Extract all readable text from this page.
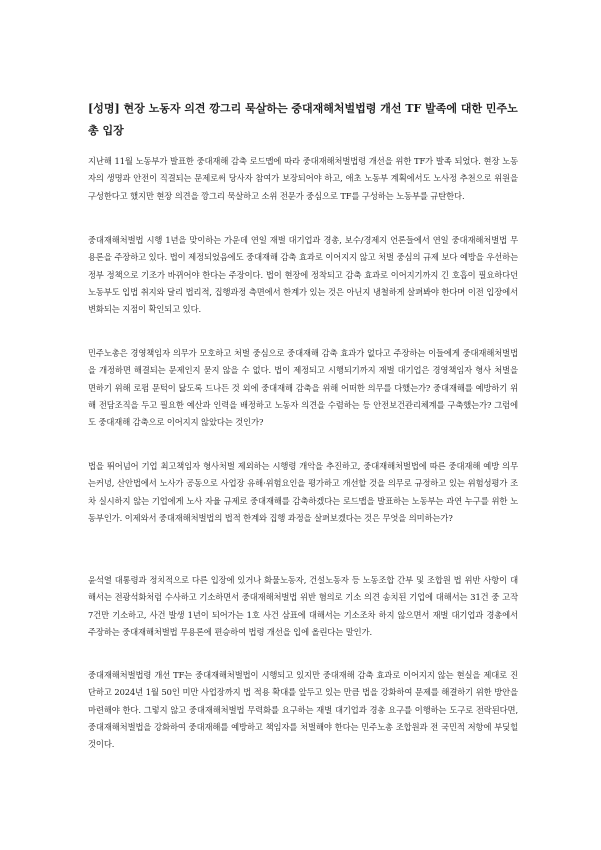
[성명] 현장 노동자 의견 깡그리 묵살하는 중대재해처벌법령 개선 TF 발족에 대한 민주노총 입장

지난해 11월 노동부가 발표한 중대재해 감축 로드맵에 따라 중대재해처벌법령 개선을 위한 TF가 발족 되었다. 현장 노동자의 생명과 안전이 직결되는 문제로써 당사자 참여가 보장되어야 하고, 애초 노동부 계획에서도 노사정 추천으로 위원을 구성한다고 했지만 현장 의견을 깡그리 묵살하고 소위 전문가 중심으로 TF를 구성하는 노동부를 규탄한다.

중대재해처벌법 시행 1년을 맞이하는 가운데 연일 재벌 대기업과 경총, 보수/경제지 언론들에서 연일 중대재해처벌법 무용론을 주장하고 있다. 법이 제정되었음에도 중대재해 감축 효과로 이어지지 않고 처벌 중심의 규제 보다 예방을 우선하는 정부 정책으로 기조가 바뀌어야 한다는 주장이다. 법이 현장에 정착되고 감축 효과로 이어지기까지 긴 호흡이 필요하다던 노동부도 입법 취지와 달리 법리적, 집행과정 측면에서 한계가 있는 것은 아닌지 냉철하게 살펴봐야 한다며 이전 입장에서 변화되는 지점이 확인되고 있다.

민주노총은 경영책임자 의무가 모호하고 처벌 중심으로 중대재해 감축 효과가 없다고 주장하는 이들에게 중대재해처벌법을 개정하면 해결되는 문제인지 묻지 않을 수 없다. 법이 제정되고 시행되기까지 재벌 대기업은 경영책임자 형사 처벌을 면하기 위해 로펌 문턱이 닳도록 드나든 것 외에 중대재해 감축을 위해 어떠한 의무를 다했는가? 중대재해를 예방하기 위해 전담조직을 두고 필요한 예산과 인력을 배정하고 노동자 의견을 수렴하는 등 안전보건관리체계를 구축했는가? 그럼에도 중대재해 감축으로 이어지지 않았다는 것인가?

법을 뛰어넘어 기업 최고책임자 형사처벌 제외하는 시행령 개악을 추진하고, 중대재해처벌법에 따른 중대재해 예방 의무는커녕, 산안법에서 노사가 공동으로 사업장 유해·위험요인을 평가하고 개선할 것을 의무로 규정하고 있는 위험성평가 조차 실시하지 않는 기업에게 노사 자율 규제로 중대재해를 감축하겠다는 로드맵을 발표하는 노동부는 과연 누구를 위한 노동부인가. 이제와서 중대재해처벌법의 법적 한계와 집행 과정을 살펴보겠다는 것은 무엇을 의미하는가?

윤석열 대통령과 정치적으로 다른 입장에 있거나 화물노동자, 건설노동자 등 노동조합 간부 및 조합원 법 위반 사항이 대해서는 전광석화처럼 수사하고 기소하면서 중대재해처벌법 위반 혐의로 기소 의견 송치된 기업에 대해서는 31건 중 고작 7건만 기소하고, 사건 발생 1년이 되어가는 1호 사건 삼표에 대해서는 기소조차 하지 않으면서 재벌 대기업과 경총에서 주장하는 중대재해처벌법 무용론에 편승하여 법령 개선을 입에 올린다는 말인가.

중대재해처벌법령 개선 TF는 중대재해처벌법이 시행되고 있지만 중대재해 감축 효과로 이어지지 않는 현실을 제대로 진단하고 2024년 1월 50인 미만 사업장까지 법 적용 확대를 앞두고 있는 만큼 법을 강화하여 문제를 해결하기 위한 방안을 마련해야 한다. 그렇지 않고 중대재해처벌법 무력화를 요구하는 재벌 대기업과 경총 요구를 이행하는 도구로 전락된다면, 중대재해처벌법을 강화하여 중대재해를 예방하고 책임자를 처벌해야 한다는 민주노총 조합원과 전 국민적 저항에 부딪힐 것이다.
